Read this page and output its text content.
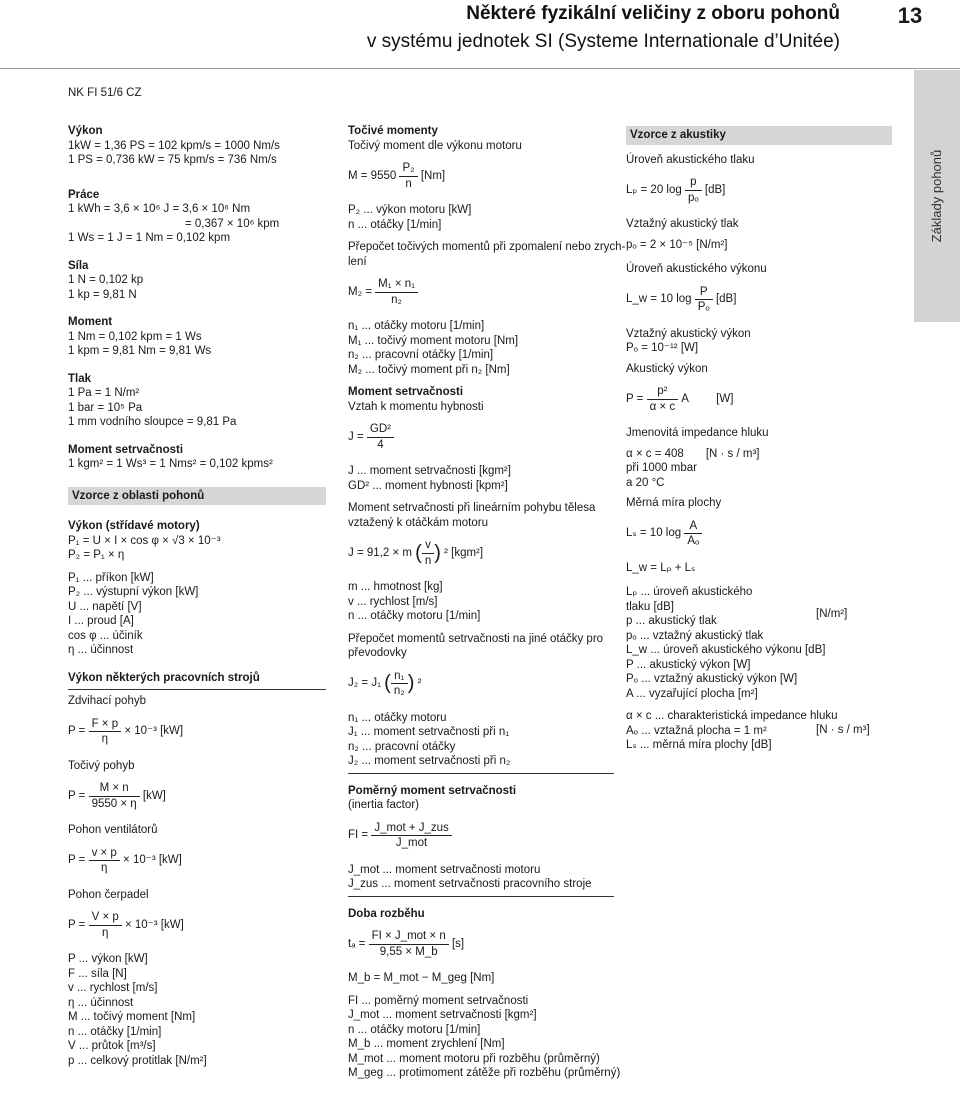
Některé fyzikální veličiny z oboru pohonů
v systému jednotek SI (Systeme Internationale d’Unitée)
13
NK FI 51/6 CZ
Základy pohonů
Výkon
1kW = 1,36 PS = 102 kpm/s = 1000 Nm/s
1 PS = 0,736 kW = 75 kpm/s = 736 Nm/s
Práce
1 kWh = 3,6 × 10⁶ J = 3,6 × 10⁶ Nm
= 0,367 × 10⁶ kpm
1 Ws = 1 J = 1 Nm = 0,102 kpm
Síla
1 N = 0,102 kp
1 kp = 9,81 N
Moment
1 Nm = 0,102 kpm = 1 Ws
1 kpm = 9,81 Nm = 9,81 Ws
Tlak
1 Pa = 1 N/m²
1 bar = 10⁵ Pa
1 mm vodního sloupce = 9,81 Pa
Moment setrvačnosti
1 kgm² = 1 Ws³ = 1 Nms² = 0,102 kpms²
Vzorce z oblasti pohonů
Výkon (střídavé motory)
P₁ = U × I × cos φ × √3 × 10⁻³
P₂ = P₁ × η
P₁ ... příkon [kW]
P₂ ... výstupní výkon [kW]
U ... napětí [V]
I ... proud [A]
cos φ ... účiník
η ... účinnost
Výkon některých pracovních strojů
Zdvihací pohyb
$P = \frac{F \times p}{\eta} \times 10^{-3}$ [kW]
Točivý pohyb
$P = \frac{M \times n}{9550 \times \eta} [kW]$
Pohon ventilátorů
$P = \frac{v \times p}{\eta} \times 10^{-3}$ [kW]
Pohon čerpadel
$P = \frac{V \times p}{\eta} \times 10^{-3}$ [kW]
P ... výkon [kW]
F ... síla [N]
v ... rychlost [m/s]
η ... účinnost
M ... točivý moment [Nm]
n ... otáčky [1/min]
V ... průtok [m³/s]
p ... celkový protitlak [N/m²]
Točivé momenty
Točivý moment dle výkonu motoru
$M = 9550 \frac{\text{P₂}}{n} [Nm]$
P₂ ... výkon motoru [kW]
n ... otáčky [1/min]
Přepočet točivých momentů při zpomalení nebo zrych-
lení
$M_2 = \frac{\text{M₁ × n₁}}{\text{n₂}}$
n₁ ... otáčky motoru [1/min]
M₁ ... točivý moment motoru [Nm]
n₂ ... pracovní otáčky [1/min]
M₂ ... točivý moment při n₂ [Nm]
Moment setrvačnosti
Vztah k momentu hybnosti
$J = \frac{\text{GD²}}{4}$
J ... moment setrvačnosti [kgm²]
GD² ... moment hybnosti [kpm²]
Moment setrvačnosti při lineárním pohybu tělesa
vztažený k otáčkám motoru
J = 91,2 × m ( $\frac{v}{n}$ ) ² [kgm²]
m ... hmotnost [kg]
v ... rychlost [m/s]
n ... otáčky motoru [1/min]
Přepočet momentů setrvačnosti na jiné otáčky pro
převodovky
J₂ = J₁ ( $\frac{\text{n₁}}{\text{n₂}}$ ) ²
n₁ ... otáčky motoru
J₁ ... moment setrvačnosti při n₁
n₂ ... pracovní otáčky
J₂ ... moment setrvačnosti při n₂
Poměrný moment setrvačnosti
(inertia factor)
FI = $\frac{\text{J\_mot + J\_zus}}{\text{J\_mot}}$
J_mot ... moment setrvačnosti motoru
J_zus ... moment setrvačnosti pracovního stroje
Doba rozběhu
$t_a = \frac{\text{FI × J\_mot × n}}{9,55 \times M\_b} [s]$
M_b = M_mot − M_geg [Nm]
FI ... poměrný moment setrvačnosti
J_mot ... moment setrvačnosti [kgm²]
n ... otáčky motoru [1/min]
M_b ... moment zrychlení [Nm]
M_mot ... moment motoru při rozběhu (průměrný)
M_geg ... protimoment zátěže při rozběhu (průměrný)
Vzorce z akustiky
Úroveň akustického tlaku
Lₚ = 20 $\log \frac{p}{\text{pₒ}} [dB]$
Vztažný akustický tlak
pₒ = 2 × 10⁻⁵ [N/m²]
Úroveň akustického výkonu
L_w = 10 $\log \frac{P}{\text{Pₒ}} [dB]$
Vztažný akustický výkon
Pₒ = 10⁻¹² [W]
Akustický výkon
$P = \frac{\text{p²}}{\alpha \times c}$ A [W]
Jmenovitá impedance hluku
α × c = 408 [N · s / m³]
při 1000 mbar
a 20 °C
Měrná míra plochy
Lₛ = 10 $\log \frac{A}{\text{Aₒ}}$
L_w = Lₚ + Lₛ
Lₚ ... úroveň akustického
tlaku [dB]
p ... akustický tlak
pₒ ... vztažný akustický tlak
L_w ... úroveň akustického výkonu [dB]
P ... akustický výkon [W]
Pₒ ... vztažný akustický výkon [W]
A ... vyzařující plocha [m²]
[N/m²]
α × c ... charakteristická impedance hluku
Aₒ ... vztažná plocha = 1 m²
Lₛ ... měrná míra plochy [dB]
[N · s / m³]
